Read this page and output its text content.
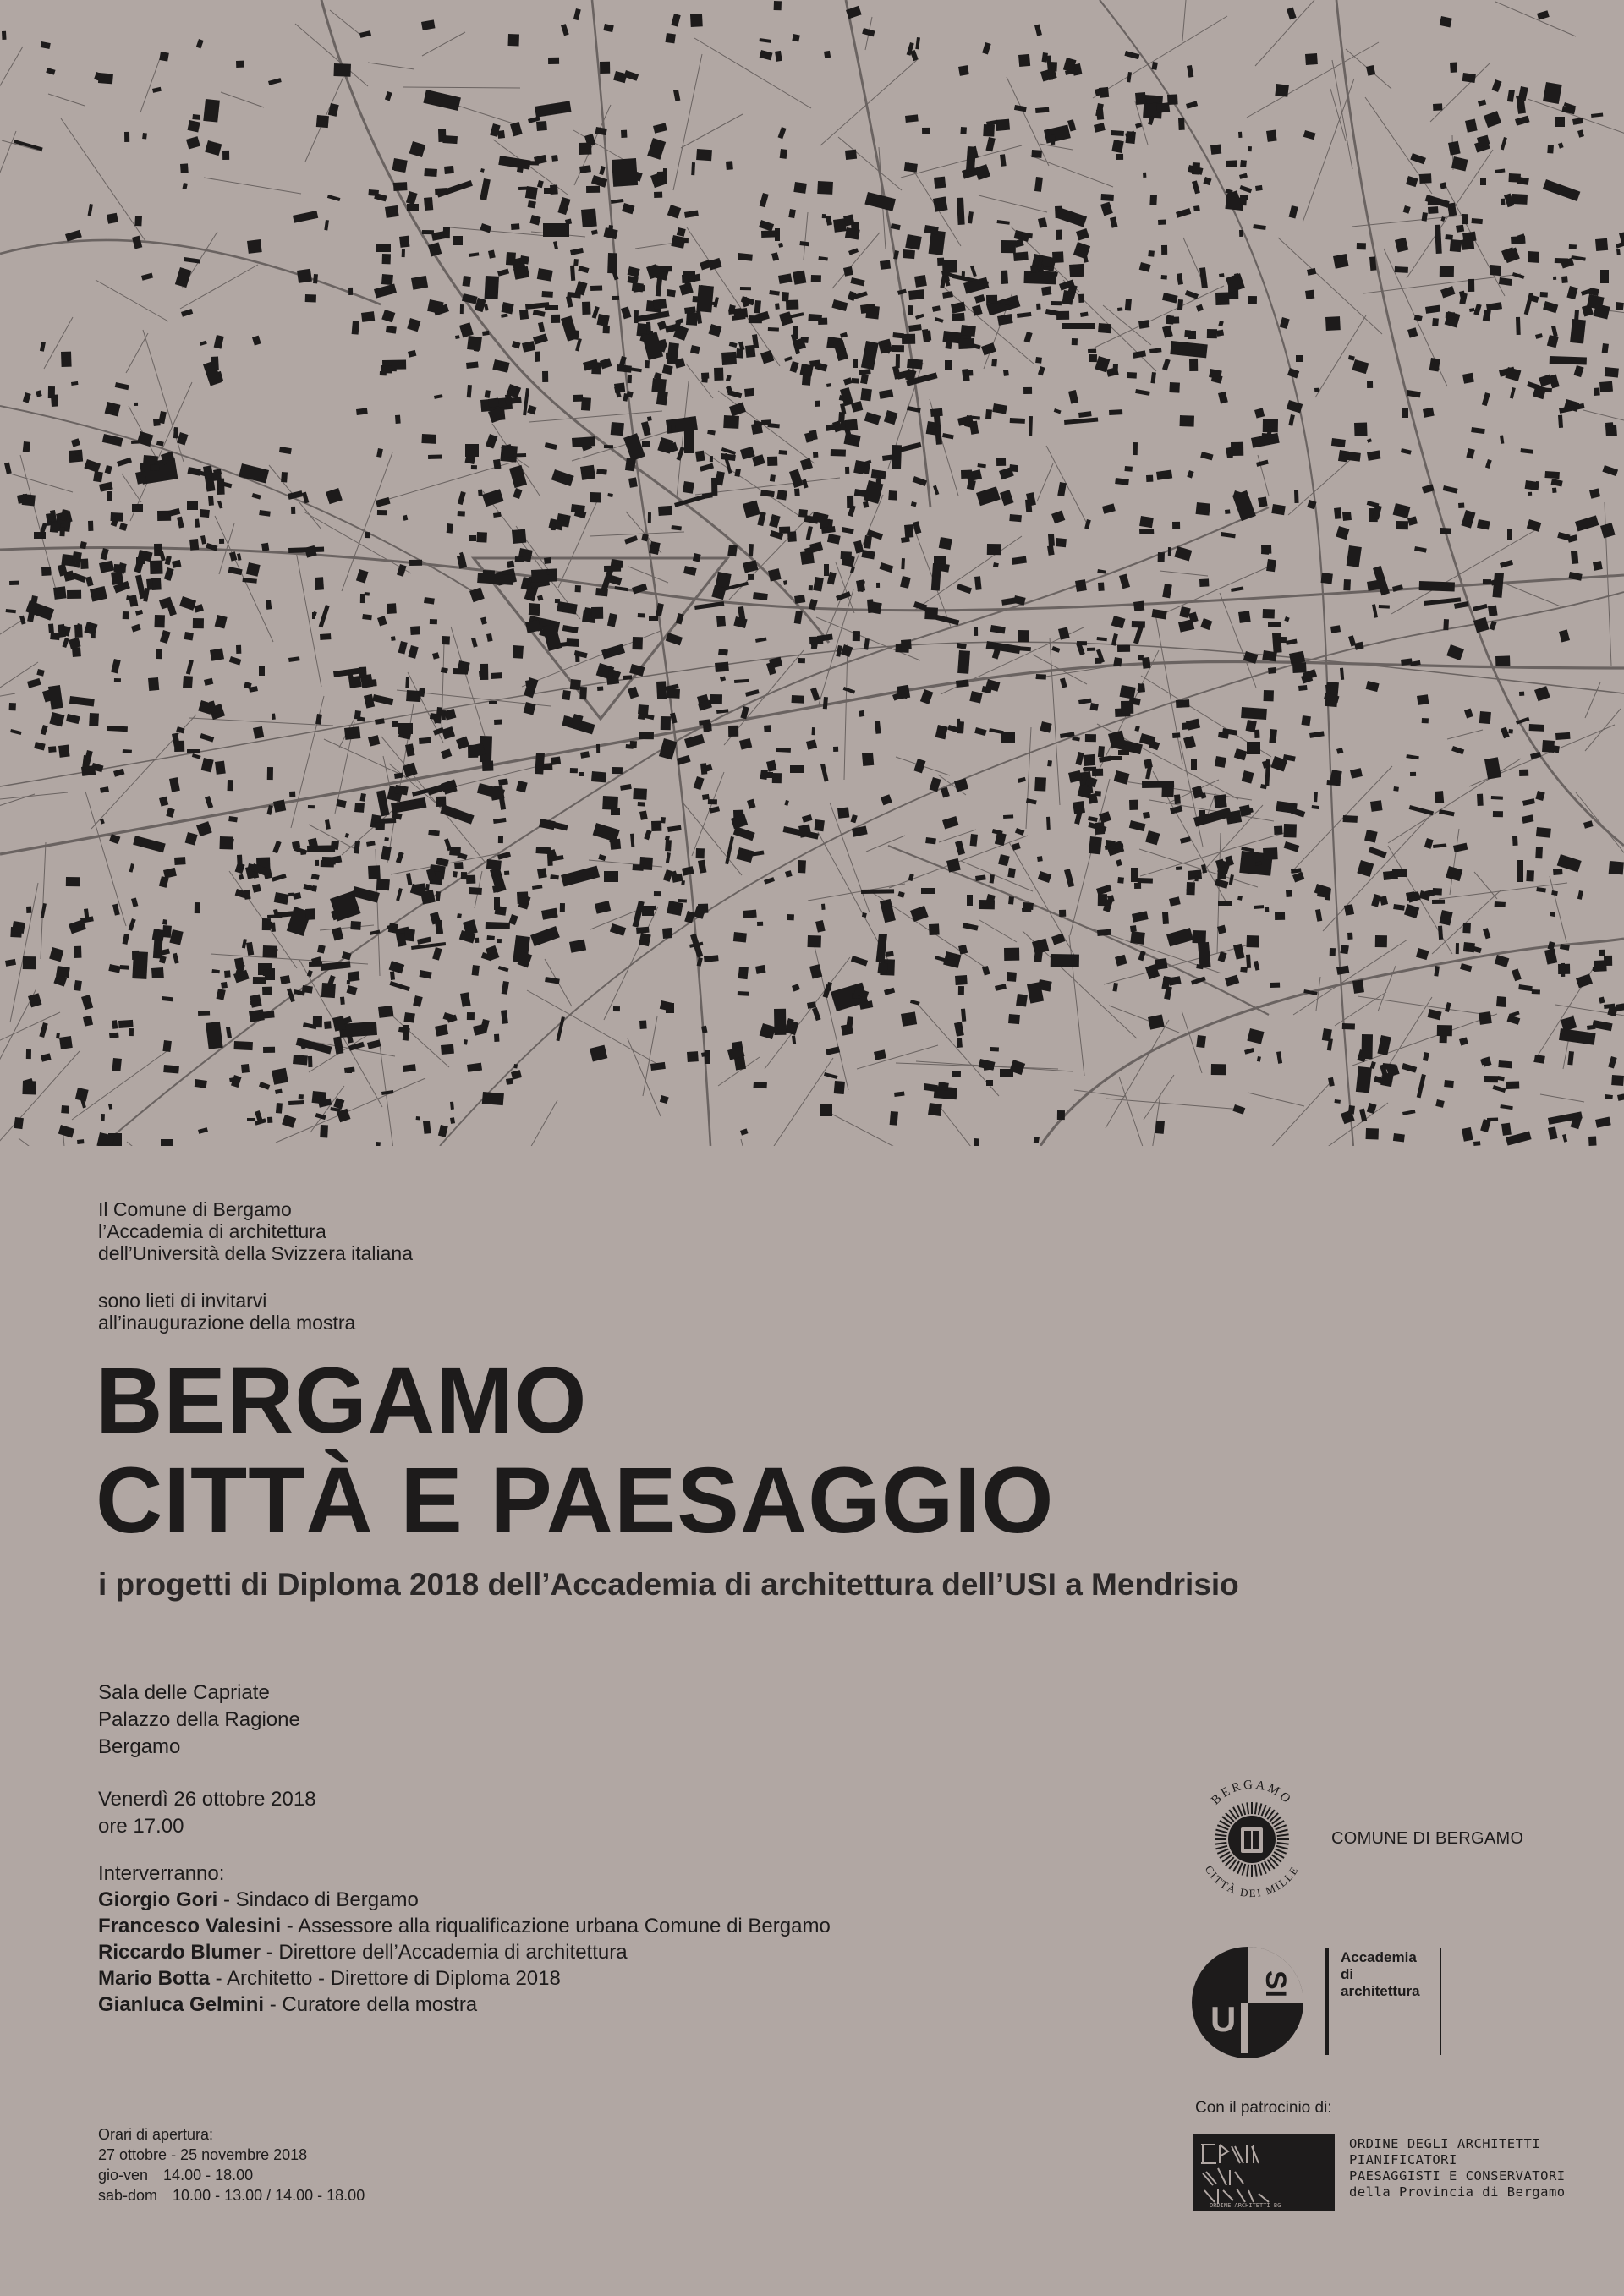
Il Comune di Bergamo
l’Accademia di architettura
dell’Università della Svizzera italiana
sono lieti di invitarvi
all’inaugurazione della mostra
BERGAMO
CITTÀ E PAESAGGIO
i progetti di Diploma 2018 dell’Accademia di architettura dell’USI a Mendrisio
Sala delle Capriate
Palazzo della Ragione
Bergamo
Venerdì 26 ottobre 2018
ore 17.00
Interverranno:
Giorgio Gori - Sindaco di Bergamo
Francesco Valesini - Assessore alla riqualificazione urbana Comune di Bergamo
Riccardo Blumer - Direttore dell’Accademia di architettura
Mario Botta - Architetto - Direttore di Diploma 2018
Gianluca Gelmini - Curatore della mostra
Orari di apertura:
27 ottobre - 25 novembre 2018
gio-ven 14.00 - 18.00
sab-dom 10.00 - 13.00 / 14.00 - 18.00
BERGAMO
CITTÀ DEI MILLE
COMUNE DI BERGAMO
U
SI
Accademia
di
architettura
Con il patrocinio di:
ORDINE ARCHITETTI BG
ORDINE DEGLI ARCHITETTI
PIANIFICATORI
PAESAGGISTI E CONSERVATORI
della Provincia di Bergamo
